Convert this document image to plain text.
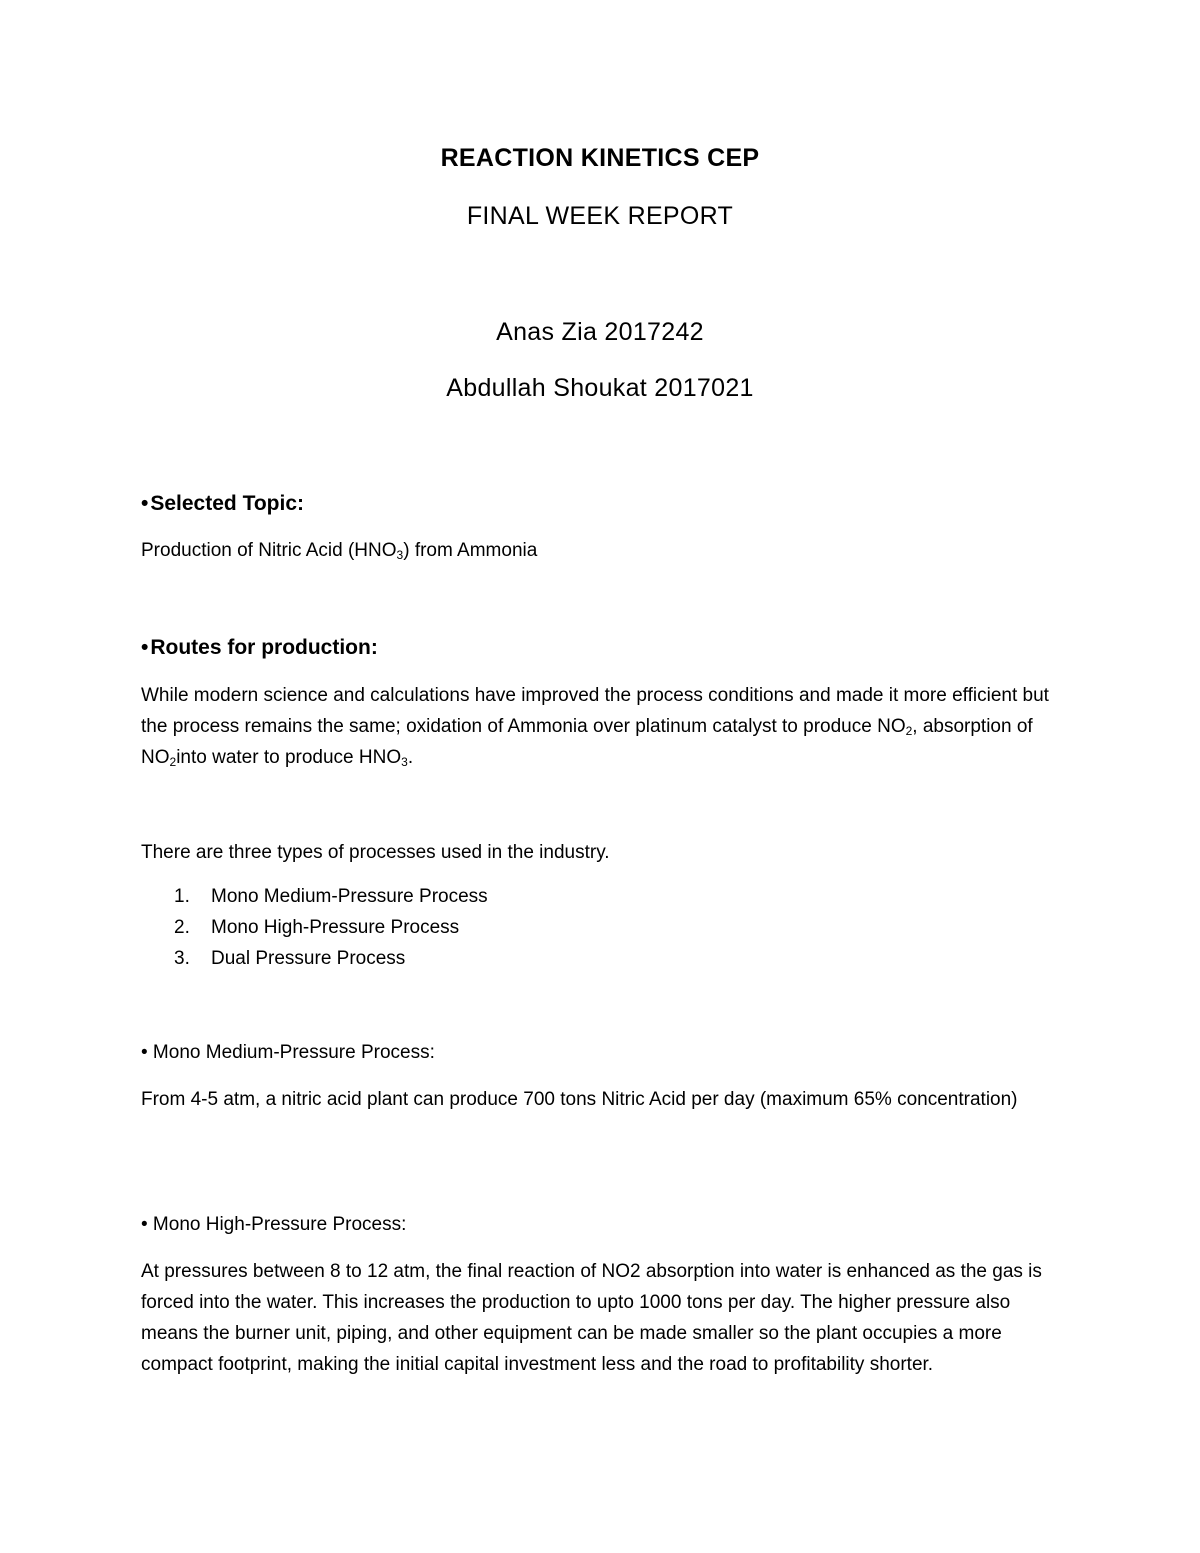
REACTION KINETICS CEP
FINAL WEEK REPORT
Anas Zia 2017242
Abdullah Shoukat 2017021
•Selected Topic:
Production of Nitric Acid $(HNO_3)$ from Ammonia
•Routes for production:
While modern science and calculations have improved the process conditions and made it more efficient but the process remains the same; oxidation of Ammonia over platinum catalyst to produce $NO_2$, absorption of $NO_2into$ water to produce $HNO_3$.
There are three types of processes used in the industry.
1. Mono Medium-Pressure Process
2. Mono High-Pressure Process
3. Dual Pressure Process
• Mono Medium-Pressure Process:
From 4-5 atm, a nitric acid plant can produce 700 tons Nitric Acid per day (maximum 65% concentration)
• Mono High-Pressure Process:
At pressures between 8 to 12 atm, the final reaction of NO2 absorption into water is enhanced as the gas is forced into the water. This increases the production to upto 1000 tons per day. The higher pressure also means the burner unit, piping, and other equipment can be made smaller so the plant occupies a more compact footprint, making the initial capital investment less and the road to profitability shorter.
